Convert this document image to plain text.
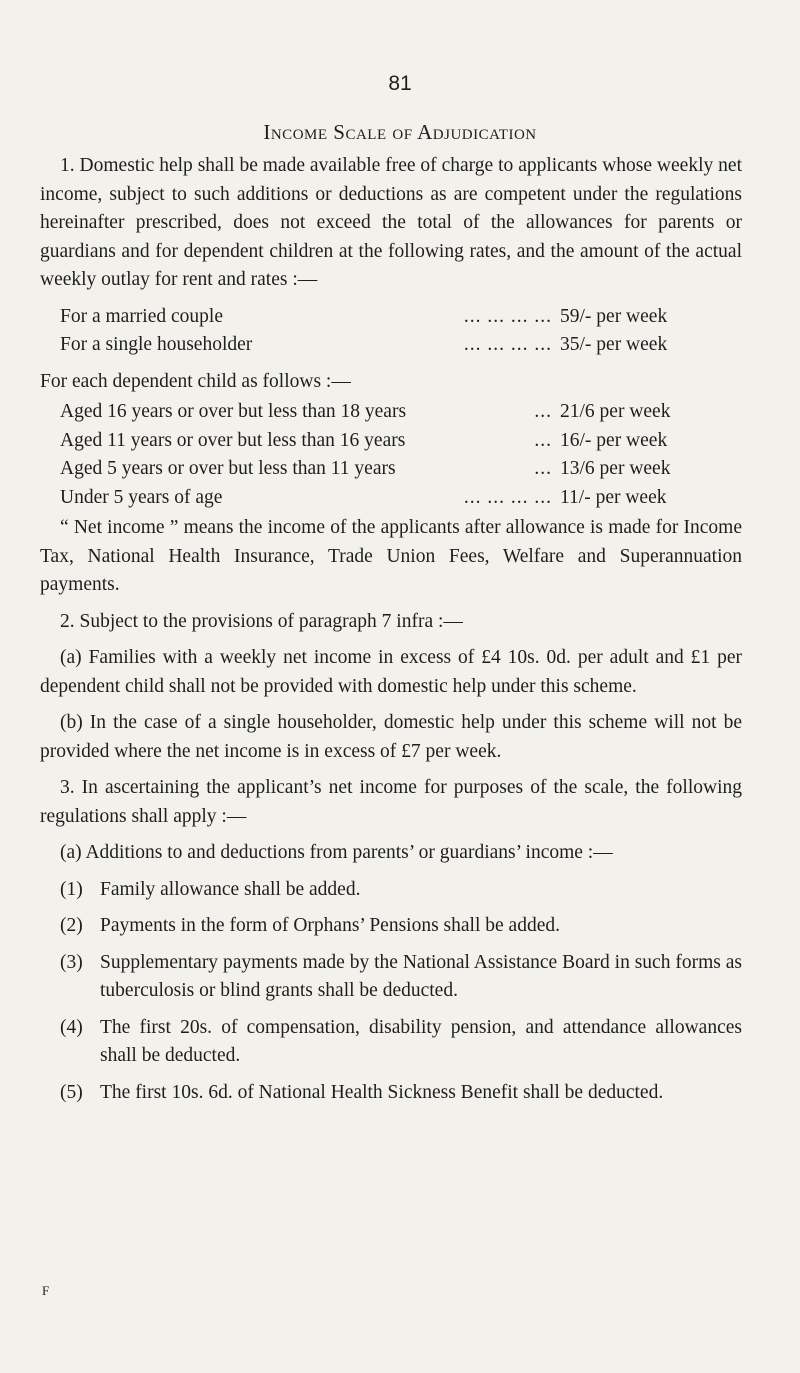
81
Income Scale of Adjudication

1. Domestic help shall be made available free of charge to applicants whose weekly net income, subject to such additions or deductions as are competent under the regulations hereinafter prescribed, does not exceed the total of the allowances for parents or guardians and for dependent children at the following rates, and the amount of the actual weekly outlay for rent and rates :—

For a married couple	... ... ... ...	59/- per week
For a single householder	... ... ... ...	35/- per week

For each dependent child as follows :—

Aged 16 years or over but less than 18 years	...	21/6 per week
Aged 11 years or over but less than 16 years	...	16/- per week
Aged 5 years or over but less than 11 years	...	13/6 per week
Under 5 years of age	... ... ... ...	11/- per week

“ Net income ” means the income of the applicants after allowance is made for Income Tax, National Health Insurance, Trade Union Fees, Welfare and Superannuation payments.

2. Subject to the provisions of paragraph 7 infra :—

(a) Families with a weekly net income in excess of £4 10s. 0d. per adult and £1 per dependent child shall not be provided with domestic help under this scheme.

(b) In the case of a single householder, domestic help under this scheme will not be provided where the net income is in excess of £7 per week.

3. In ascertaining the applicant’s net income for purposes of the scale, the following regulations shall apply :—

(a) Additions to and deductions from parents’ or guardians’ income :—

(1) Family allowance shall be added.
(2) Payments in the form of Orphans’ Pensions shall be added.
(3) Supplementary payments made by the National Assistance Board in such forms as tuberculosis or blind grants shall be deducted.
(4) The first 20s. of compensation, disability pension, and attendance allowances shall be deducted.
(5) The first 10s. 6d. of National Health Sickness Benefit shall be deducted.
F
